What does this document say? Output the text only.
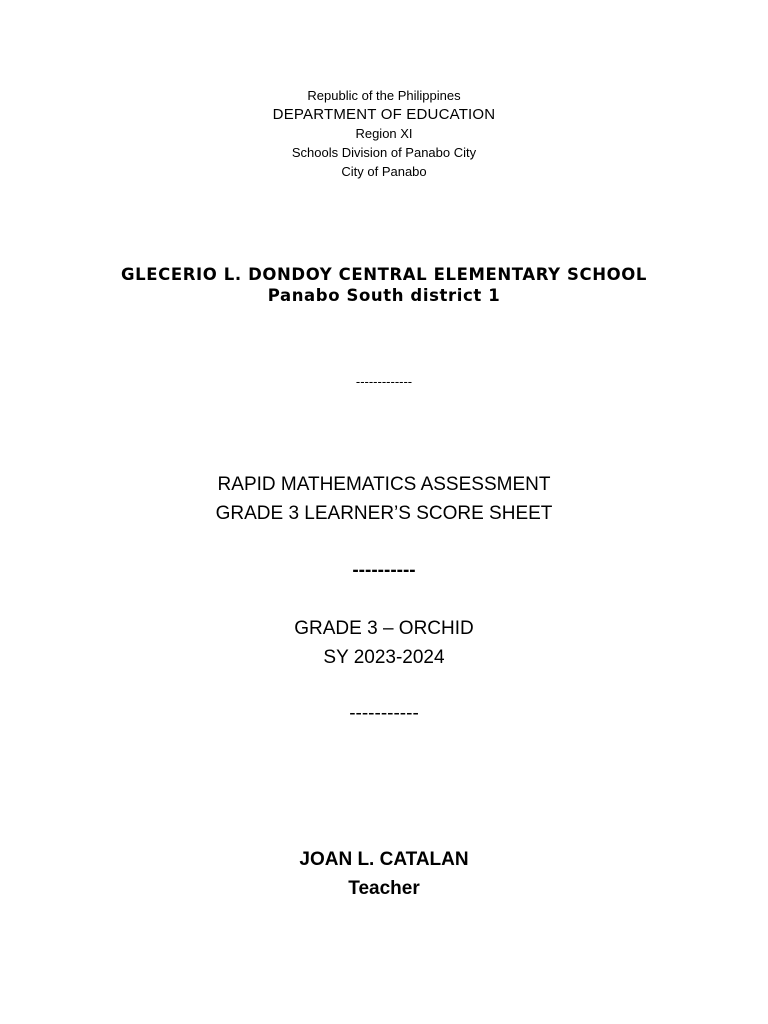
Republic of the Philippines
DEPARTMENT OF EDUCATION
Region XI
Schools Division of Panabo City
City of Panabo
GLECERIO L. DONDOY CENTRAL ELEMENTARY SCHOOL
Panabo South district 1
-------------
RAPID MATHEMATICS ASSESSMENT
GRADE 3 LEARNER’S SCORE SHEET
----------
GRADE 3 – ORCHID
SY 2023-2024
-----------
JOAN L. CATALAN
Teacher
